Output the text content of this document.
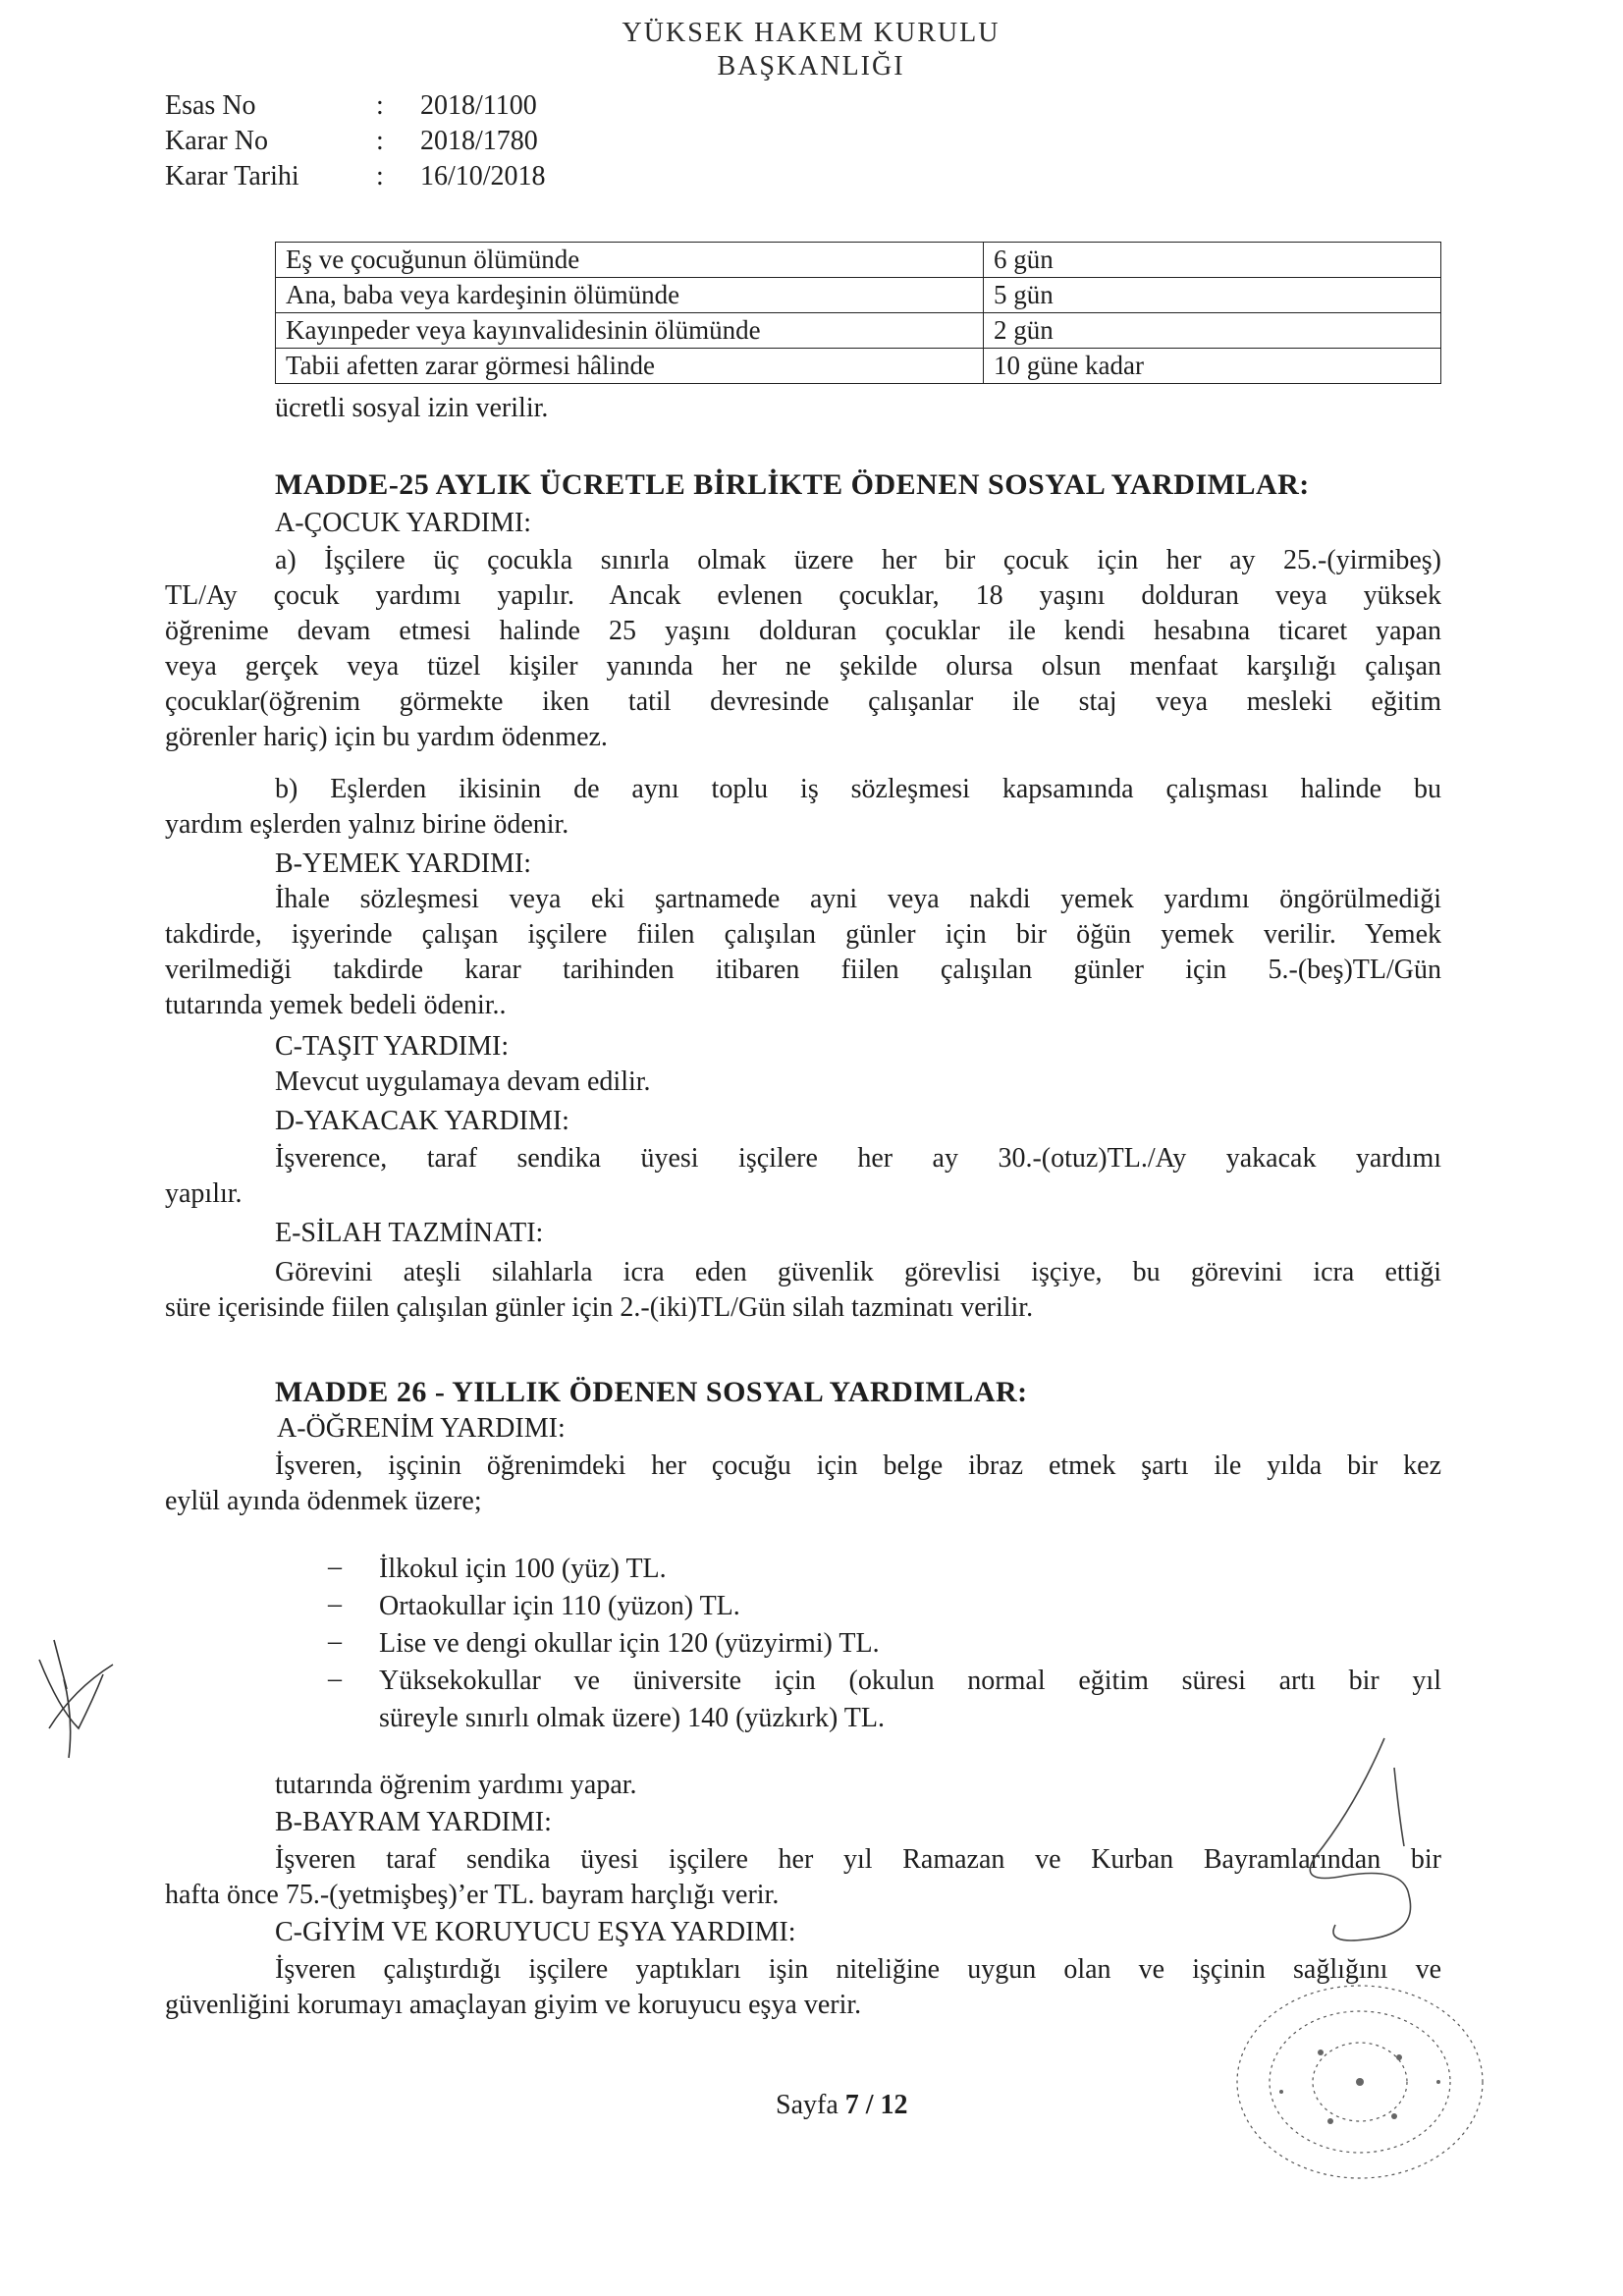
YÜKSEK HAKEM KURULU
BAŞKANLIĞI
Esas No	: 2018/1100
Karar No	: 2018/1780
Karar Tarihi	: 16/10/2018
Eş ve çocuğunun ölümünde	6 gün
Ana, baba veya kardeşinin ölümünde	5 gün
Kayınpeder veya kayınvalidesinin ölümünde	2 gün
Tabii afetten zarar görmesi hâlinde	10 güne kadar
ücretli sosyal izin verilir.
MADDE-25 AYLIK ÜCRETLE BİRLİKTE ÖDENEN SOSYAL YARDIMLAR:
A-ÇOCUK YARDIMI:
a) İşçilere üç çocukla sınırla olmak üzere her bir çocuk için her ay 25.-(yirmibeş)
TL/Ay çocuk yardımı yapılır. Ancak evlenen çocuklar, 18 yaşını dolduran veya yüksek
öğrenime devam etmesi halinde 25 yaşını dolduran çocuklar ile kendi hesabına ticaret yapan
veya gerçek veya tüzel kişiler yanında her ne şekilde olursa olsun menfaat karşılığı çalışan
çocuklar(öğrenim görmekte iken tatil devresinde çalışanlar ile staj veya mesleki eğitim
görenler hariç) için bu yardım ödenmez.
b) Eşlerden ikisinin de aynı toplu iş sözleşmesi kapsamında çalışması halinde bu
yardım eşlerden yalnız birine ödenir.
B-YEMEK YARDIMI:
İhale sözleşmesi veya eki şartnamede ayni veya nakdi yemek yardımı öngörülmediği
takdirde, işyerinde çalışan işçilere fiilen çalışılan günler için bir öğün yemek verilir. Yemek
verilmediği takdirde karar tarihinden itibaren fiilen çalışılan günler için 5.-(beş)TL/Gün
tutarında yemek bedeli ödenir..
C-TAŞIT YARDIMI:
Mevcut uygulamaya devam edilir.
D-YAKACAK YARDIMI:
İşverence, taraf sendika üyesi işçilere her ay 30.-(otuz)TL./Ay yakacak yardımı
yapılır.
E-SİLAH TAZMİNATI:
Görevini ateşli silahlarla icra eden güvenlik görevlisi işçiye, bu görevini icra ettiği
süre içerisinde fiilen çalışılan günler için 2.-(iki)TL/Gün silah tazminatı verilir.
MADDE 26 - YILLIK ÖDENEN SOSYAL YARDIMLAR:
A-ÖĞRENİM YARDIMI:
İşveren, işçinin öğrenimdeki her çocuğu için belge ibraz etmek şartı ile yılda bir kez
eylül ayında ödenmek üzere;
– İlkokul için 100 (yüz) TL.
– Ortaokullar için 110 (yüzon) TL.
– Lise ve dengi okullar için 120 (yüzyirmi) TL.
– Yüksekokullar ve üniversite için (okulun normal eğitim süresi artı bir yıl
süreyle sınırlı olmak üzere) 140 (yüzkırk) TL.
tutarında öğrenim yardımı yapar.
B-BAYRAM YARDIMI:
İşveren taraf sendika üyesi işçilere her yıl Ramazan ve Kurban Bayramlarından bir
hafta önce 75.-(yetmişbeş)’er TL. bayram harçlığı verir.
C-GİYİM VE KORUYUCU EŞYA YARDIMI:
İşveren çalıştırdığı işçilere yaptıkları işin niteliğine uygun olan ve işçinin sağlığını ve
güvenliğini korumayı amaçlayan giyim ve koruyucu eşya verir.
Sayfa 7 / 12
